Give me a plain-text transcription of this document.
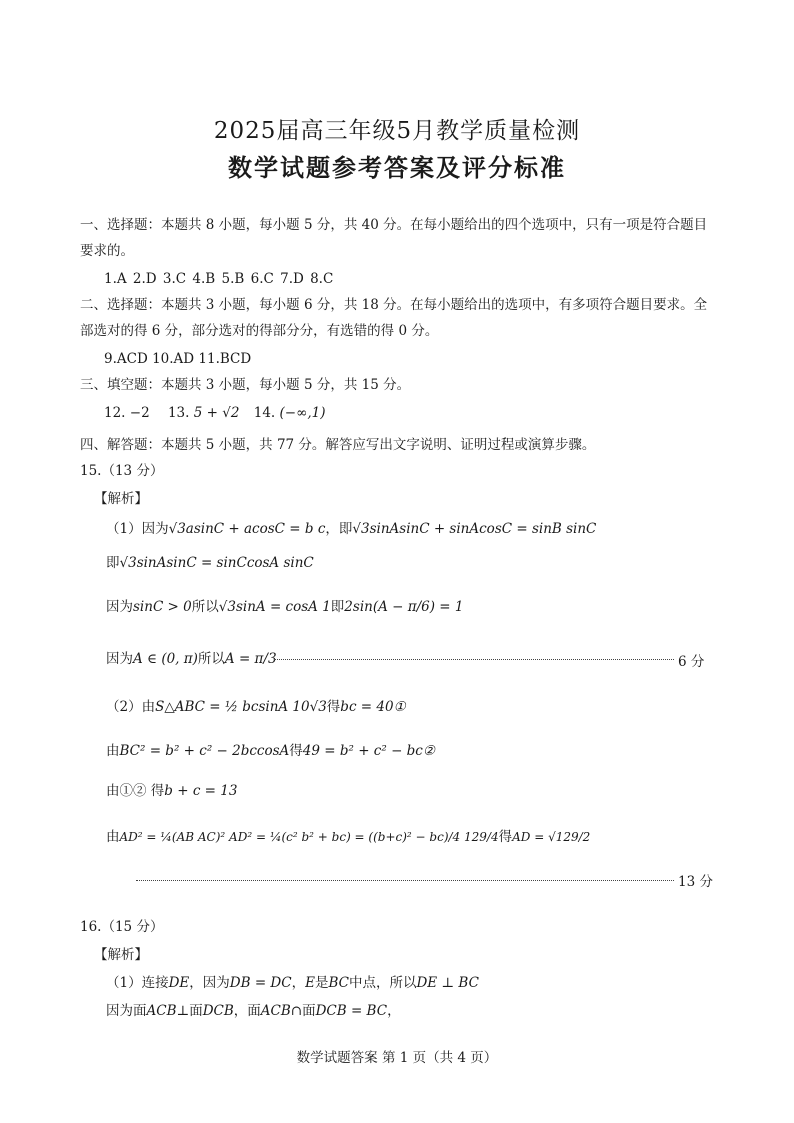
2025届高三年级5月教学质量检测
数学试题参考答案及评分标准
一、选择题：本题共 8 小题，每小题 5 分，共 40 分。在每小题给出的四个选项中，只有一项是符合题目
要求的。
1.A 2.D 3.C 4.B 5.B 6.C 7.D 8.C
二、选择题：本题共 3 小题，每小题 6 分，共 18 分。在每小题给出的选项中，有多项符合题目要求。全
部选对的得 6 分，部分选对的得部分分，有选错的得 0 分。
9.ACD 10.AD 11.BCD
三、填空题：本题共 3 小题，每小题 5 分，共 15 分。
12. −2 13. 5 + √2 14. (−∞,1)
四、解答题：本题共 5 小题，共 77 分。解答应写出文字说明、证明过程或演算步骤。
15.（13 分）
【解析】
（1）因为√3asinC + acosC = b c，即√3sinAsinC + sinAcosC = sinB sinC
即√3sinAsinC = sinCcosA sinC
因为sinC > 0所以√3sinA = cosA 1即2sin(A − π/6) = 1
因为A ∈ (0, π)所以A = π/3	6 分
（2）由S△ABC = ½ bcsinA 10√3得bc = 40①
由BC² = b² + c² − 2bccosA得49 = b² + c² − bc②
由①② 得b + c = 13
由AD² = ¼(AB AC)² AD² = ¼(c² b² + bc) = ((b+c)² − bc)/4 129/4得AD = √129/2
13 分
16.（15 分）
【解析】
（1）连接DE，因为DB = DC，E是BC中点，所以DE ⊥ BC
因为面ACB⊥面DCB，面ACB∩面DCB = BC，
数学试题答案 第 1 页（共 4 页）
